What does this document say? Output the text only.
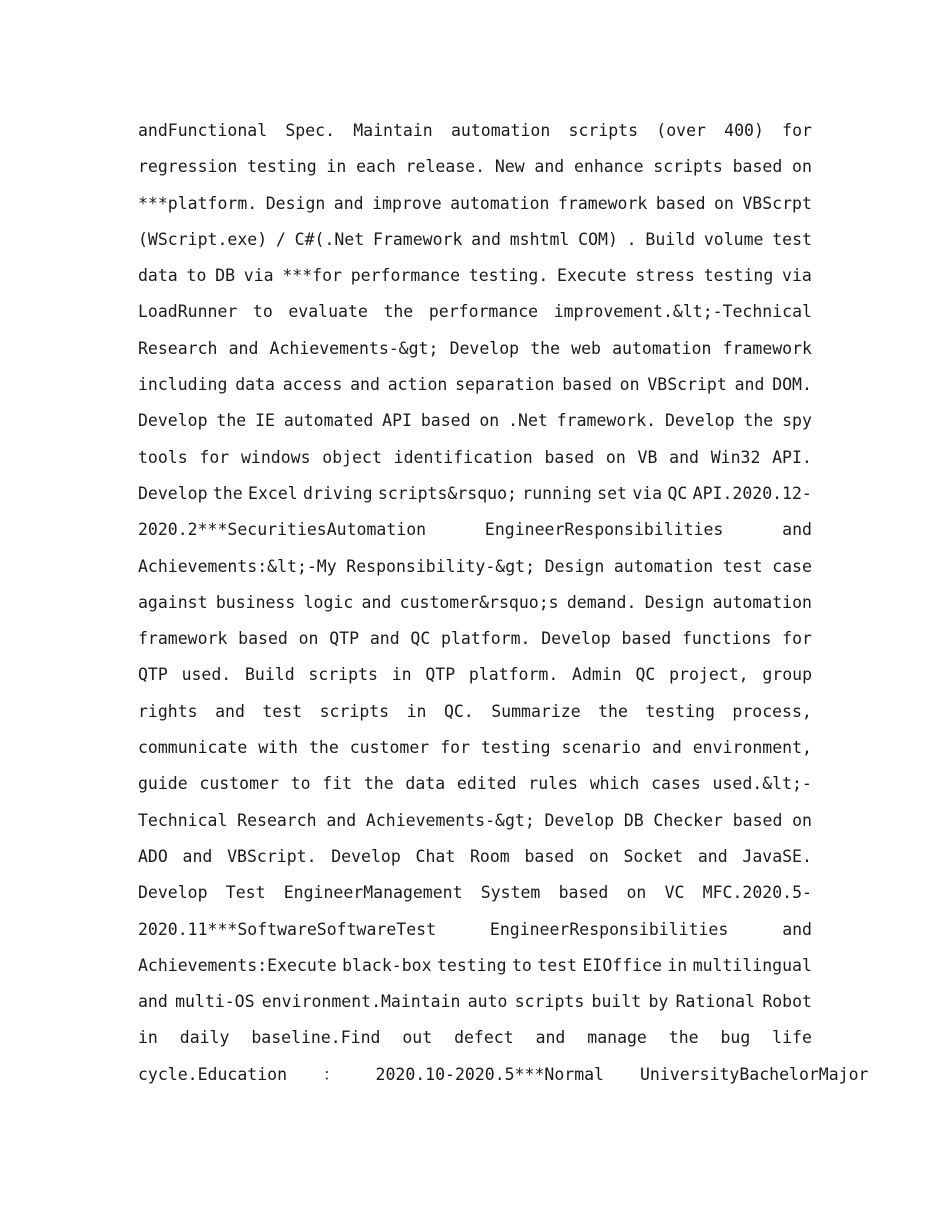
andFunctional Spec. Maintain automation scripts (over 400) for
regression testing in each release. New and enhance scripts based on
***platform. Design and improve automation framework based on VBScrpt
(WScript.exe) / C#(.Net Framework and mshtml COM) . Build volume test
data to DB via ***for performance testing. Execute stress testing via
LoadRunner to evaluate the performance improvement.&lt;-Technical
Research and Achievements-&gt; Develop the web automation framework
including data access and action separation based on VBScript and DOM.
Develop the IE automated API based on .Net framework. Develop the spy
tools for windows object identification based on VB and Win32 API.
Develop the Excel driving scripts&rsquo; running set via QC API.2020.12-
2020.2***SecuritiesAutomation	EngineerResponsibilities	and
Achievements:&lt;-My Responsibility-&gt; Design automation test case
against business logic and customer&rsquo;s demand. Design automation
framework based on QTP and QC platform. Develop based functions for
QTP used. Build scripts in QTP platform. Admin QC project, group
rights and test scripts in QC. Summarize the testing process,
communicate with the customer for testing scenario and environment,
guide customer to fit the data edited rules which cases used.&lt;-
Technical Research and Achievements-&gt; Develop DB Checker based on
ADO and VBScript. Develop Chat Room based on Socket and JavaSE.
Develop Test EngineerManagement System based on VC MFC.2020.5-
2020.11***SoftwareSoftwareTest	EngineerResponsibilities	and
Achievements:Execute black-box testing to test EIOffice in multilingual
and multi-OS environment.Maintain auto scripts built by Rational Robot
in daily baseline.Find out defect and manage the bug life
cycle.Education ： 2020.10-2020.5***Normal UniversityBachelorMajor
